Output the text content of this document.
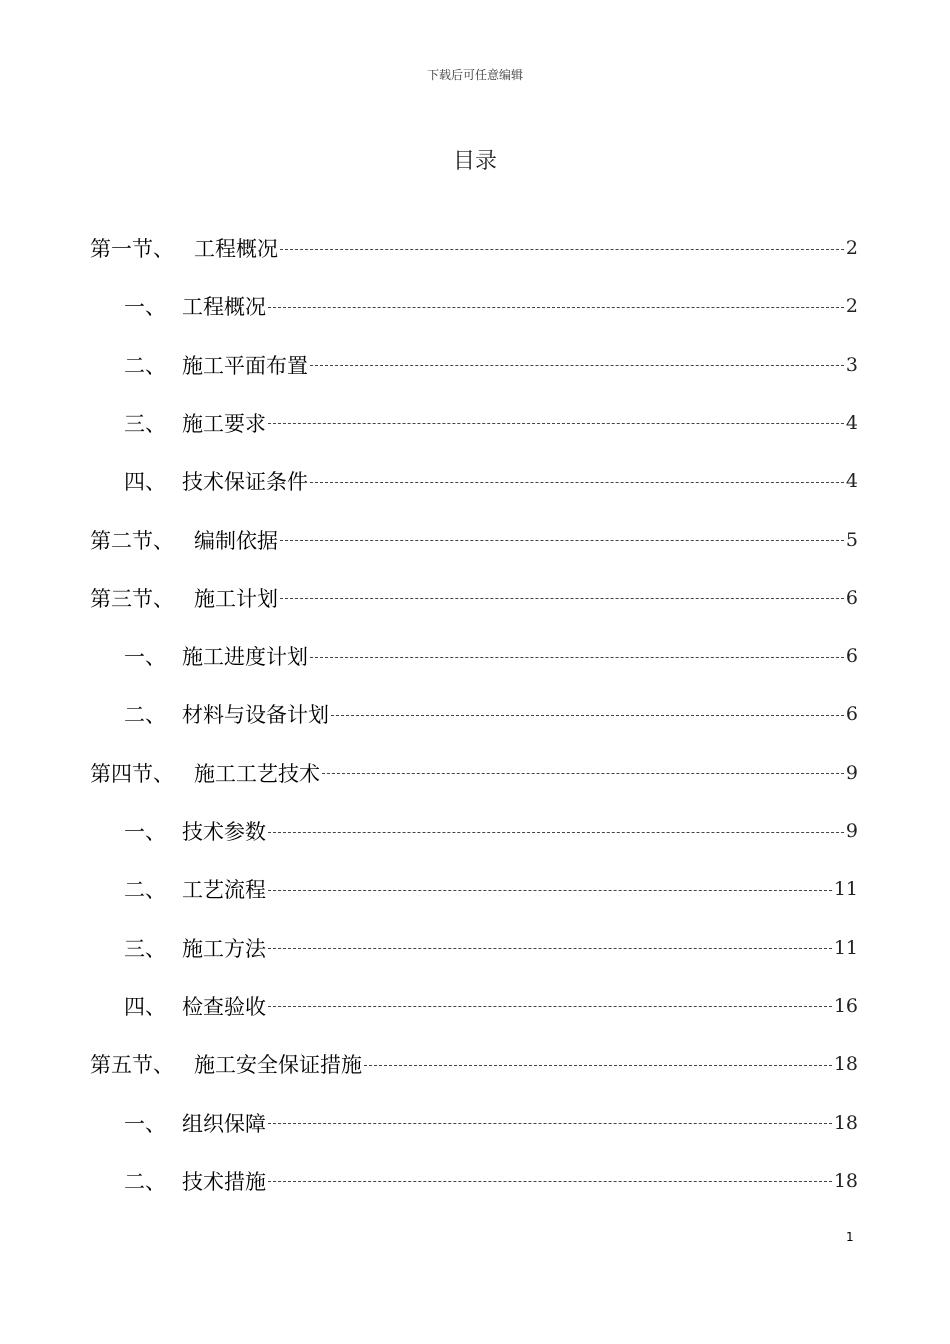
下载后可任意编辑
目录
第一节、 工程概况	2
一、 工程概况	2
二、 施工平面布置	3
三、 施工要求	4
四、 技术保证条件	4
第二节、 编制依据	5
第三节、 施工计划	6
一、 施工进度计划	6
二、 材料与设备计划	6
第四节、 施工工艺技术	9
一、 技术参数	9
二、 工艺流程	11
三、 施工方法	11
四、 检查验收	16
第五节、 施工安全保证措施	18
一、 组织保障	18
二、 技术措施	18
1
